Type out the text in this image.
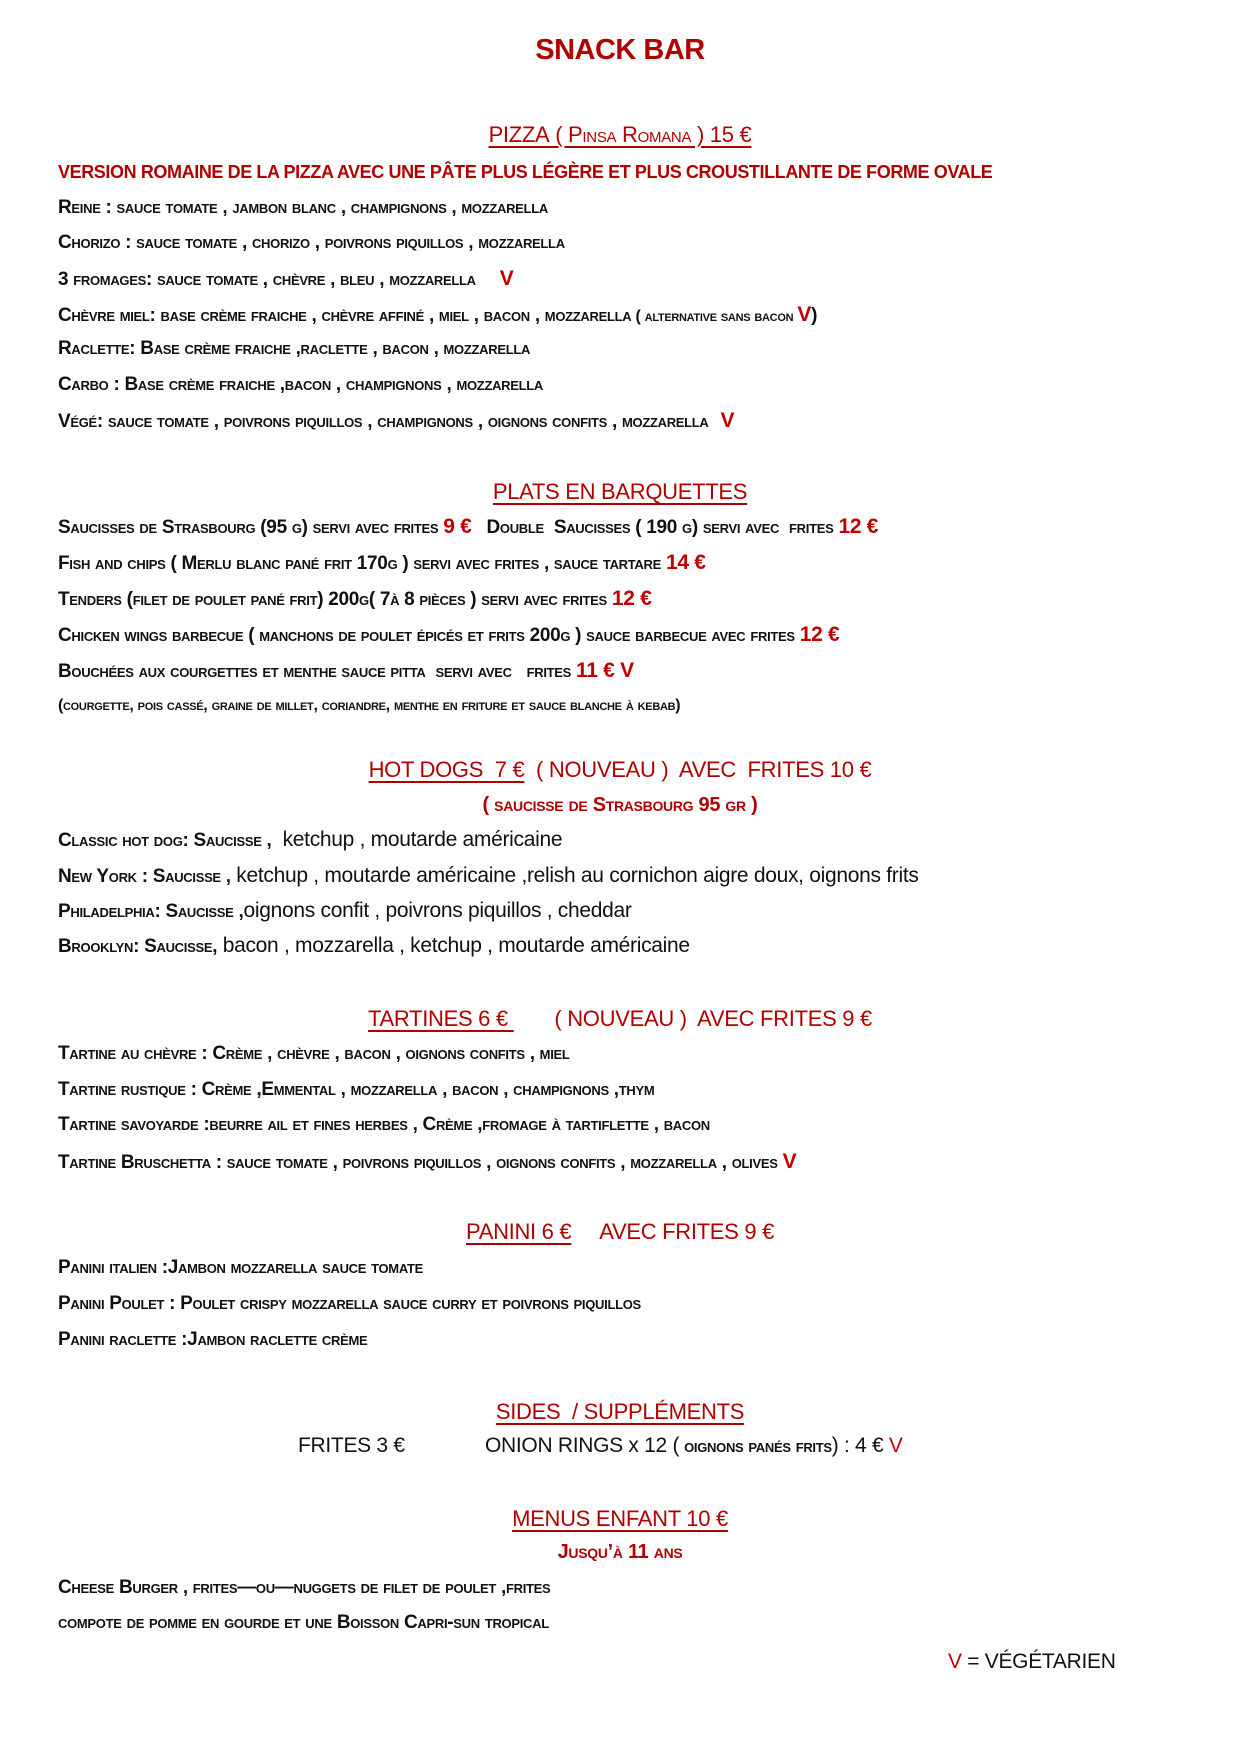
SNACK BAR
PIZZA ( Pinsa Romana ) 15 €
VERSION ROMAINE DE LA PIZZA AVEC UNE PÂTE PLUS LÉGÈRE ET PLUS CROUSTILLANTE DE FORME OVALE
Reine : sauce tomate , jambon blanc , champignons , mozzarella
Chorizo : sauce tomate , chorizo , poivrons piquillos , mozzarella
3 fromages: sauce tomate , chèvre , bleu , mozzarella V
Chèvre miel: base crème fraiche , chèvre affiné , miel , bacon , mozzarella ( alternative sans bacon V)
Raclette: Base crème fraiche ,raclette , bacon , mozzarella
Carbo : Base crème fraiche ,bacon , champignons , mozzarella
Végé: sauce tomate , poivrons piquillos , champignons , oignons confits , mozzarella V
PLATS EN BARQUETTES
Saucisses de Strasbourg (95 g) servi avec frites 9 €   Double  Saucisses ( 190 g) servi avec  frites 12 €
Fish and chips ( Merlu blanc pané frit 170g ) servi avec frites , sauce tartare 14 €
Tenders (filet de poulet pané frit) 200g( 7à 8 pièces ) servi avec frites 12 €
Chicken wings barbecue ( manchons de poulet épicés et frits 200g ) sauce barbecue avec frites 12 €
Bouchées aux courgettes et menthe sauce pitta  servi avec   frites 11 € V
(courgette, pois cassé, graine de millet, coriandre, menthe en friture et sauce blanche à kebab)
HOT DOGS  7 €  ( NOUVEAU )  AVEC  FRITES 10 €
( saucisse de Strasbourg 95 gr )
Classic hot dog: Saucisse ,  ketchup , moutarde américaine
New York : Saucisse , ketchup , moutarde américaine ,relish au cornichon aigre doux, oignons frits
Philadelphia: Saucisse ,oignons confit , poivrons piquillos , cheddar
Brooklyn: Saucisse, bacon , mozzarella , ketchup , moutarde américaine
TARTINES 6 €        ( NOUVEAU )  AVEC FRITES 9 €
Tartine au chèvre : Crème , chèvre , bacon , oignons confits , miel
Tartine rustique : Crème ,Emmental , mozzarella , bacon , champignons ,thym
Tartine savoyarde :beurre ail et fines herbes , Crème ,fromage à tartiflette , bacon
Tartine Bruschetta : sauce tomate , poivrons piquillos , oignons confits , mozzarella , olives V
PANINI 6 €     AVEC FRITES 9 €
Panini italien :Jambon mozzarella sauce tomate
Panini Poulet : Poulet crispy mozzarella sauce curry et poivrons piquillos
Panini raclette :Jambon raclette crème
SIDES  / SUPPLÉMENTS
FRITES 3 €	ONION RINGS x 12 ( oignons panés frits) : 4 € V
MENUS ENFANT 10 €
Jusqu’à 11 ans
Cheese Burger , frites—ou—nuggets de filet de poulet ,frites
compote de pomme en gourde et une Boisson Capri-sun tropical
V = VÉGÉTARIEN
